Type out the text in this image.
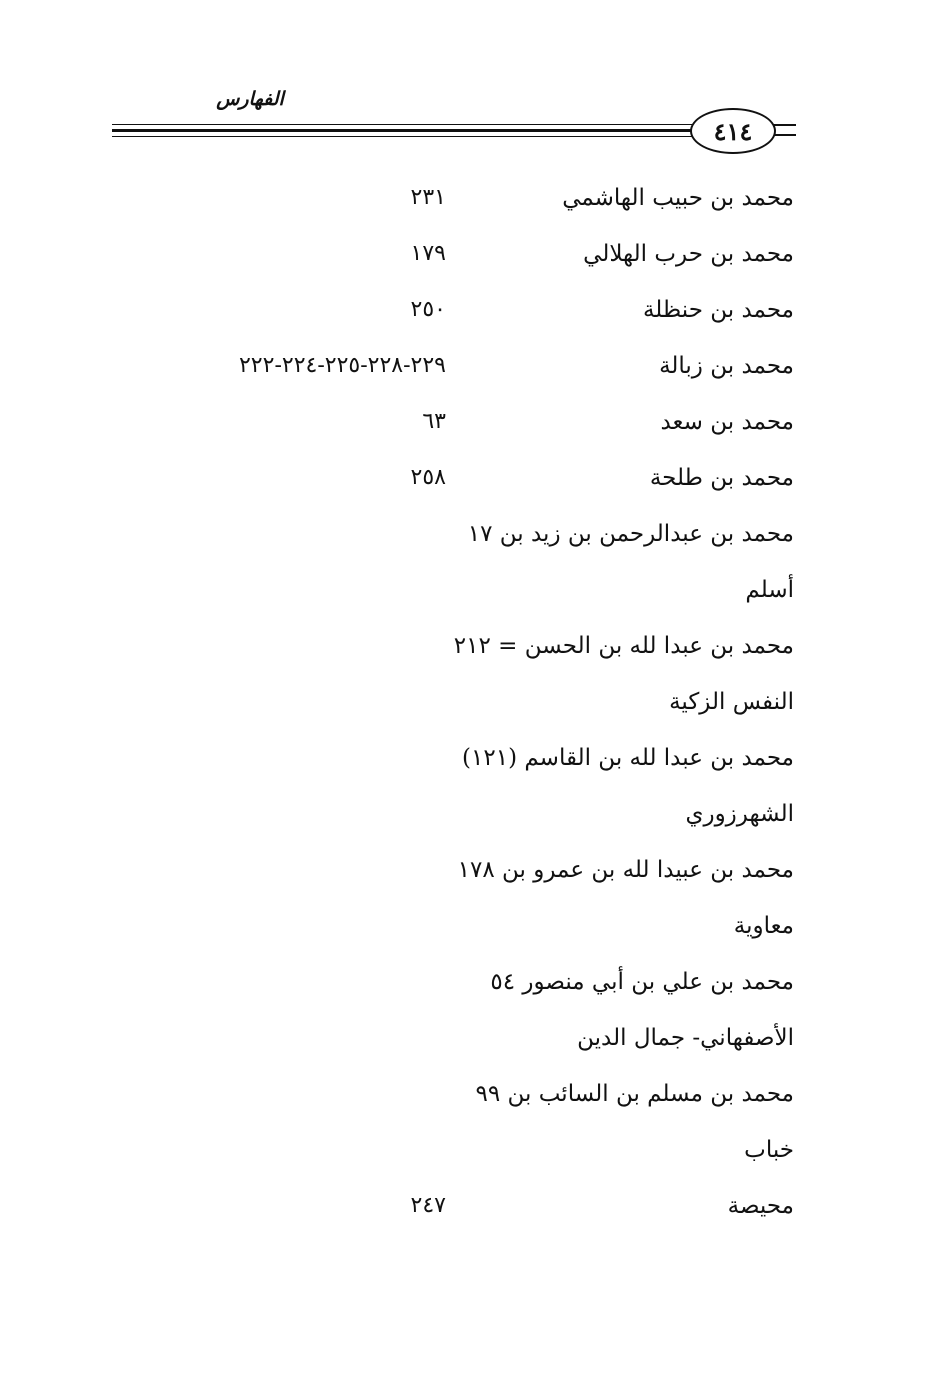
الفهارس
٤١٤
محمد بن حبيب الهاشمي
٢٣١
محمد بن حرب الهلالي
١٧٩
محمد بن حنظلة
٢٥٠
محمد بن زبالة
٢٢٩-٢٢٨-٢٢٥-٢٢٤-٢٢٢
محمد بن سعد
٦٣
محمد بن طلحة
٢٥٨
محمد بن عبدالرحمن بن زيد بن ١٧
أسلم
محمد بن عبدا لله بن الحسن = ٢١٢
النفس الزكية
محمد بن عبدا لله بن القاسم (١٢١)
الشهرزوري
محمد بن عبيدا لله بن عمرو بن ١٧٨
معاوية
محمد بن علي بن أبي منصور ٥٤
الأصفهاني- جمال الدين
محمد بن مسلم بن السائب بن ٩٩
خباب
محيصة
٢٤٧
